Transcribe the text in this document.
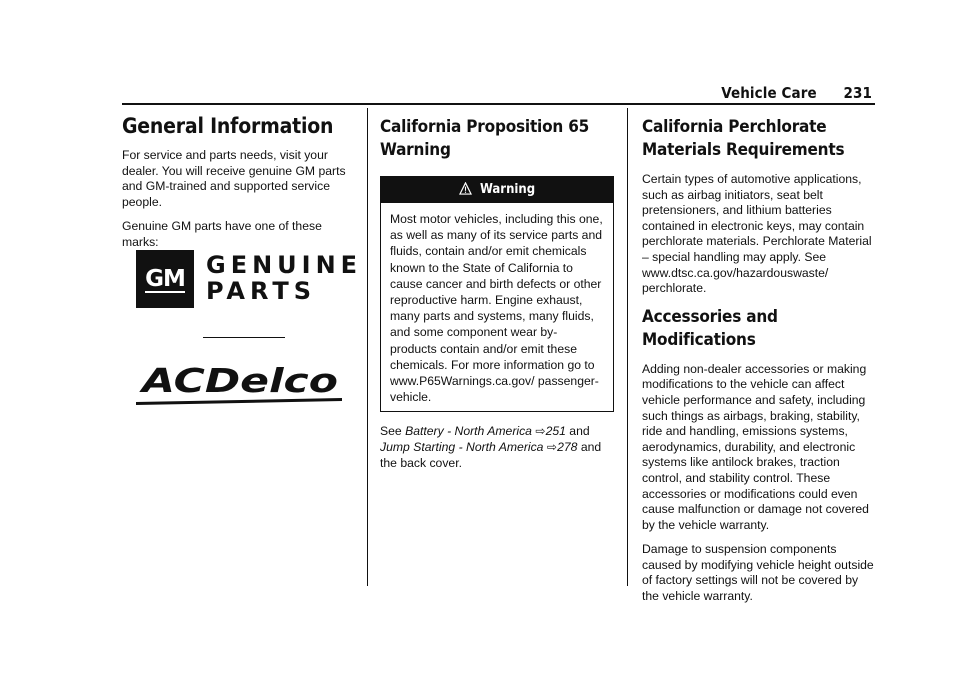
Vehicle Care 231
General Information

For service and parts needs, visit your dealer. You will receive genuine GM parts and GM-trained and supported service people.

Genuine GM parts have one of these marks:

GM GENUINE
PARTS
ACDelco
California Proposition 65 Warning
Warning

Most motor vehicles, including this one, as well as many of its service parts and fluids, contain and/or emit chemicals known to the State of California to cause cancer and birth defects or other reproductive harm. Engine exhaust, many parts and systems, many fluids, and some component wear by-products contain and/or emit these chemicals. For more information go to www.P65Warnings.ca.gov/ passenger-vehicle.

See Battery - North America ⇨251 and Jump Starting - North America ⇨278 and the back cover.

California Perchlorate Materials Requirements

Certain types of automotive applications, such as airbag initiators, seat belt pretensioners, and lithium batteries contained in electronic keys, may contain perchlorate materials. Perchlorate Material – special handling may apply. See www.dtsc.ca.gov/hazardouswaste/ perchlorate.

Accessories and Modifications

Adding non-dealer accessories or making modifications to the vehicle can affect vehicle performance and safety, including such things as airbags, braking, stability, ride and handling, emissions systems, aerodynamics, durability, and electronic systems like antilock brakes, traction control, and stability control. These accessories or modifications could even cause malfunction or damage not covered by the vehicle warranty.

Damage to suspension components caused by modifying vehicle height outside of factory settings will not be covered by the vehicle warranty.
